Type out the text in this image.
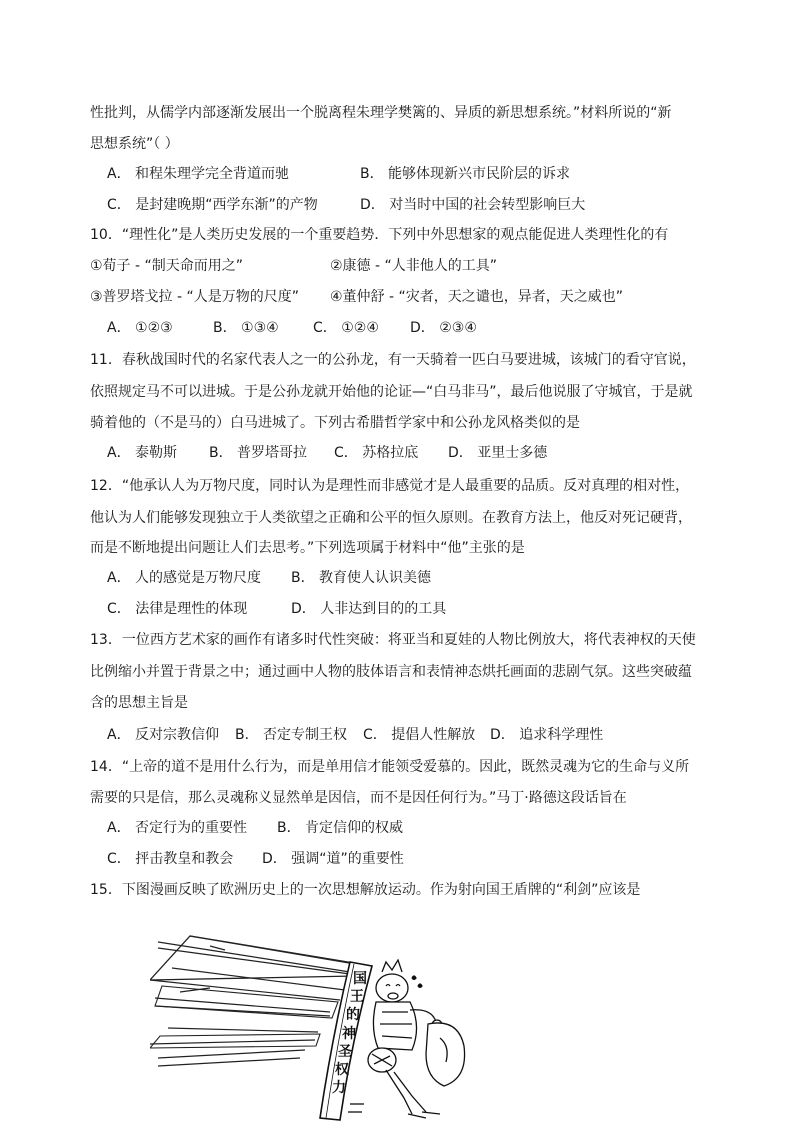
性批判，从儒学内部逐渐发展出一个脱离程朱理学樊篱的、异质的新思想系统。”材料所说的“新
思想系统”（ ）
A． 和程朱理学完全背道而驰	B． 能够体现新兴市民阶层的诉求
C． 是封建晚期“西学东渐”的产物	D． 对当时中国的社会转型影响巨大
10．“理性化”是人类历史发展的一个重要趋势．下列中外思想家的观点能促进人类理性化的有
①荀子 - “制天命而用之”	②康德 - “人非他人的工具”
③普罗塔戈拉 - “人是万物的尺度” ④董仲舒 - “灾者，天之谴也，异者，天之威也”
A． ①②③	B． ①③④ C． ①②④ D． ②③④
11．春秋战国时代的名家代表人之一的公孙龙，有一天骑着一匹白马要进城，该城门的看守官说，
依照规定马不可以进城。于是公孙龙就开始他的论证—“白马非马”，最后他说服了守城官，于是就
骑着他的（不是马的）白马进城了。下列古希腊哲学家中和公孙龙风格类似的是
A． 泰勒斯 B． 普罗塔哥拉 C． 苏格拉底 D． 亚里士多德
12．“他承认人为万物尺度，同时认为是理性而非感觉才是人最重要的品质。反对真理的相对性，
他认为人们能够发现独立于人类欲望之正确和公平的恒久原则。在教育方法上，他反对死记硬背，
而是不断地提出问题让人们去思考。”下列选项属于材料中“他”主张的是
A． 人的感觉是万物尺度 B． 教育使人认识美德
C． 法律是理性的体现	D． 人非达到目的的工具
13．一位西方艺术家的画作有诸多时代性突破：将亚当和夏娃的人物比例放大，将代表神权的天使
比例缩小并置于背景之中；通过画中人物的肢体语言和表情神态烘托画面的悲剧气氛。这些突破蕴
含的思想主旨是
A． 反对宗教信仰 B． 否定专制王权 C． 提倡人性解放 D． 追求科学理性
14．“上帝的道不是用什么行为，而是单用信才能领受爱慕的。因此，既然灵魂为它的生命与义所
需要的只是信，那么灵魂称义显然单是因信，而不是因任何行为。”马丁·路德这段话旨在
A． 否定行为的重要性 B． 肯定信仰的权威
C． 抨击教皇和教会 D． 强调“道”的重要性
15．下图漫画反映了欧洲历史上的一次思想解放运动。作为射向国王盾牌的“利剑”应该是
国
王
的
神
圣
权
力
